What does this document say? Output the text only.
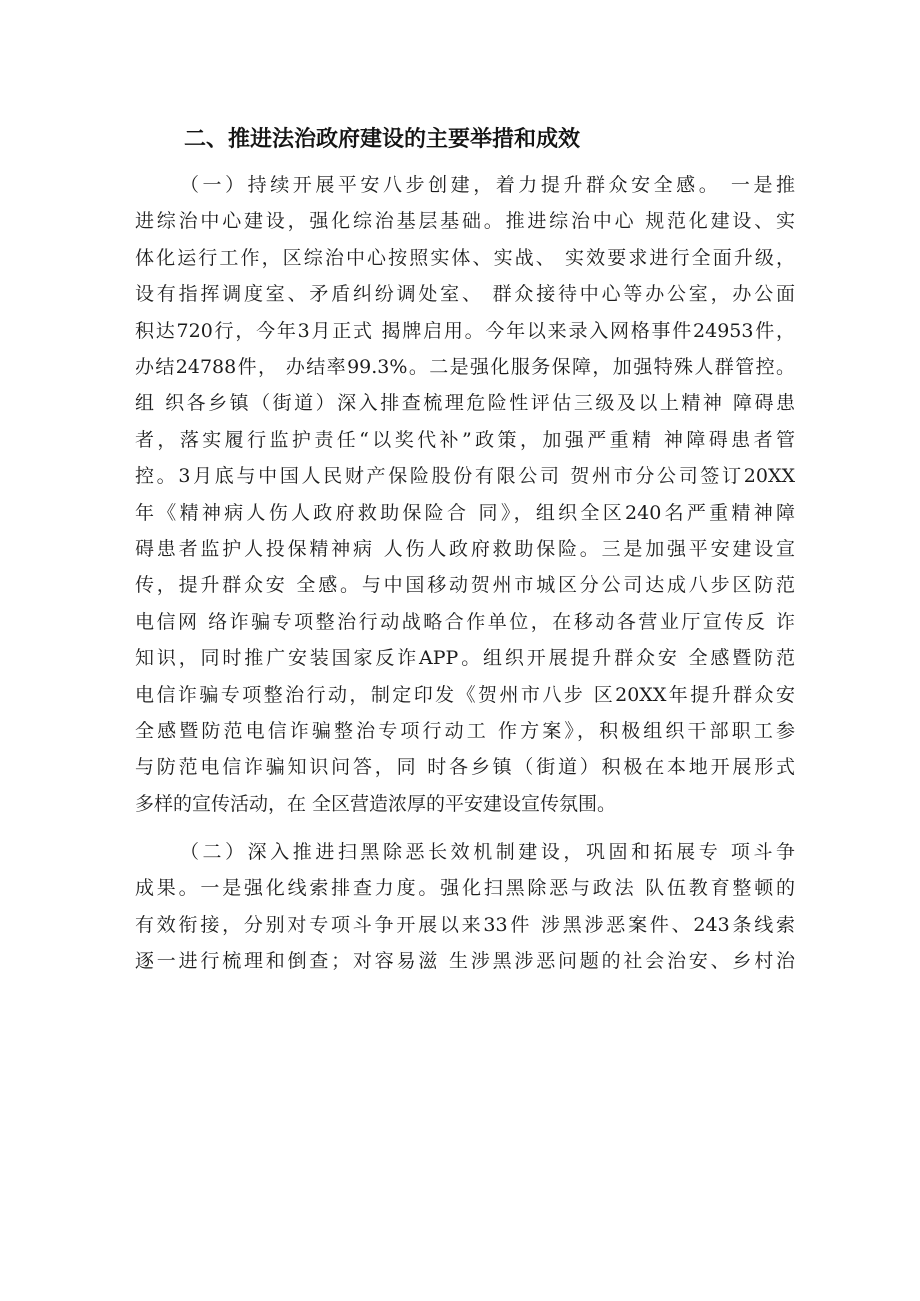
二、推进法治政府建设的主要举措和成效
（一）持续开展平安八步创建，着力提升群众安全感。 一是推
进综治中心建设，强化综治基层基础。推进综治中心 规范化建设、实
体化运行工作，区综治中心按照实体、实战、 实效要求进行全面升级，
设有指挥调度室、矛盾纠纷调处室、 群众接待中心等办公室，办公面
积达720行，今年3月正式 揭牌启用。今年以来录入网格事件24953件，
办结24788件， 办结率99.3%。二是强化服务保障，加强特殊人群管控。
组 织各乡镇（街道）深入排查梳理危险性评估三级及以上精神 障碍患
者，落实履行监护责任“以奖代补”政策，加强严重精 神障碍患者管
控。3月底与中国人民财产保险股份有限公司 贺州市分公司签订20XX
年《精神病人伤人政府救助保险合 同》，组织全区240名严重精神障
碍患者监护人投保精神病 人伤人政府救助保险。三是加强平安建设宣
传，提升群众安 全感。与中国移动贺州市城区分公司达成八步区防范
电信网 络诈骗专项整治行动战略合作单位，在移动各营业厅宣传反 诈
知识，同时推广安装国家反诈APP。组织开展提升群众安 全感暨防范
电信诈骗专项整治行动，制定印发《贺州市八步 区20XX年提升群众安
全感暨防范电信诈骗整治专项行动工 作方案》，积极组织干部职工参
与防范电信诈骗知识问答，同 时各乡镇（街道）积极在本地开展形式
多样的宣传活动，在 全区营造浓厚的平安建设宣传氛围。
（二）深入推进扫黑除恶长效机制建设，巩固和拓展专 项斗争
成果。一是强化线索排查力度。强化扫黑除恶与政法 队伍教育整顿的
有效衔接，分别对专项斗争开展以来33件 涉黑涉恶案件、243条线索
逐一进行梳理和倒查；对容易滋 生涉黑涉恶问题的社会治安、乡村治
